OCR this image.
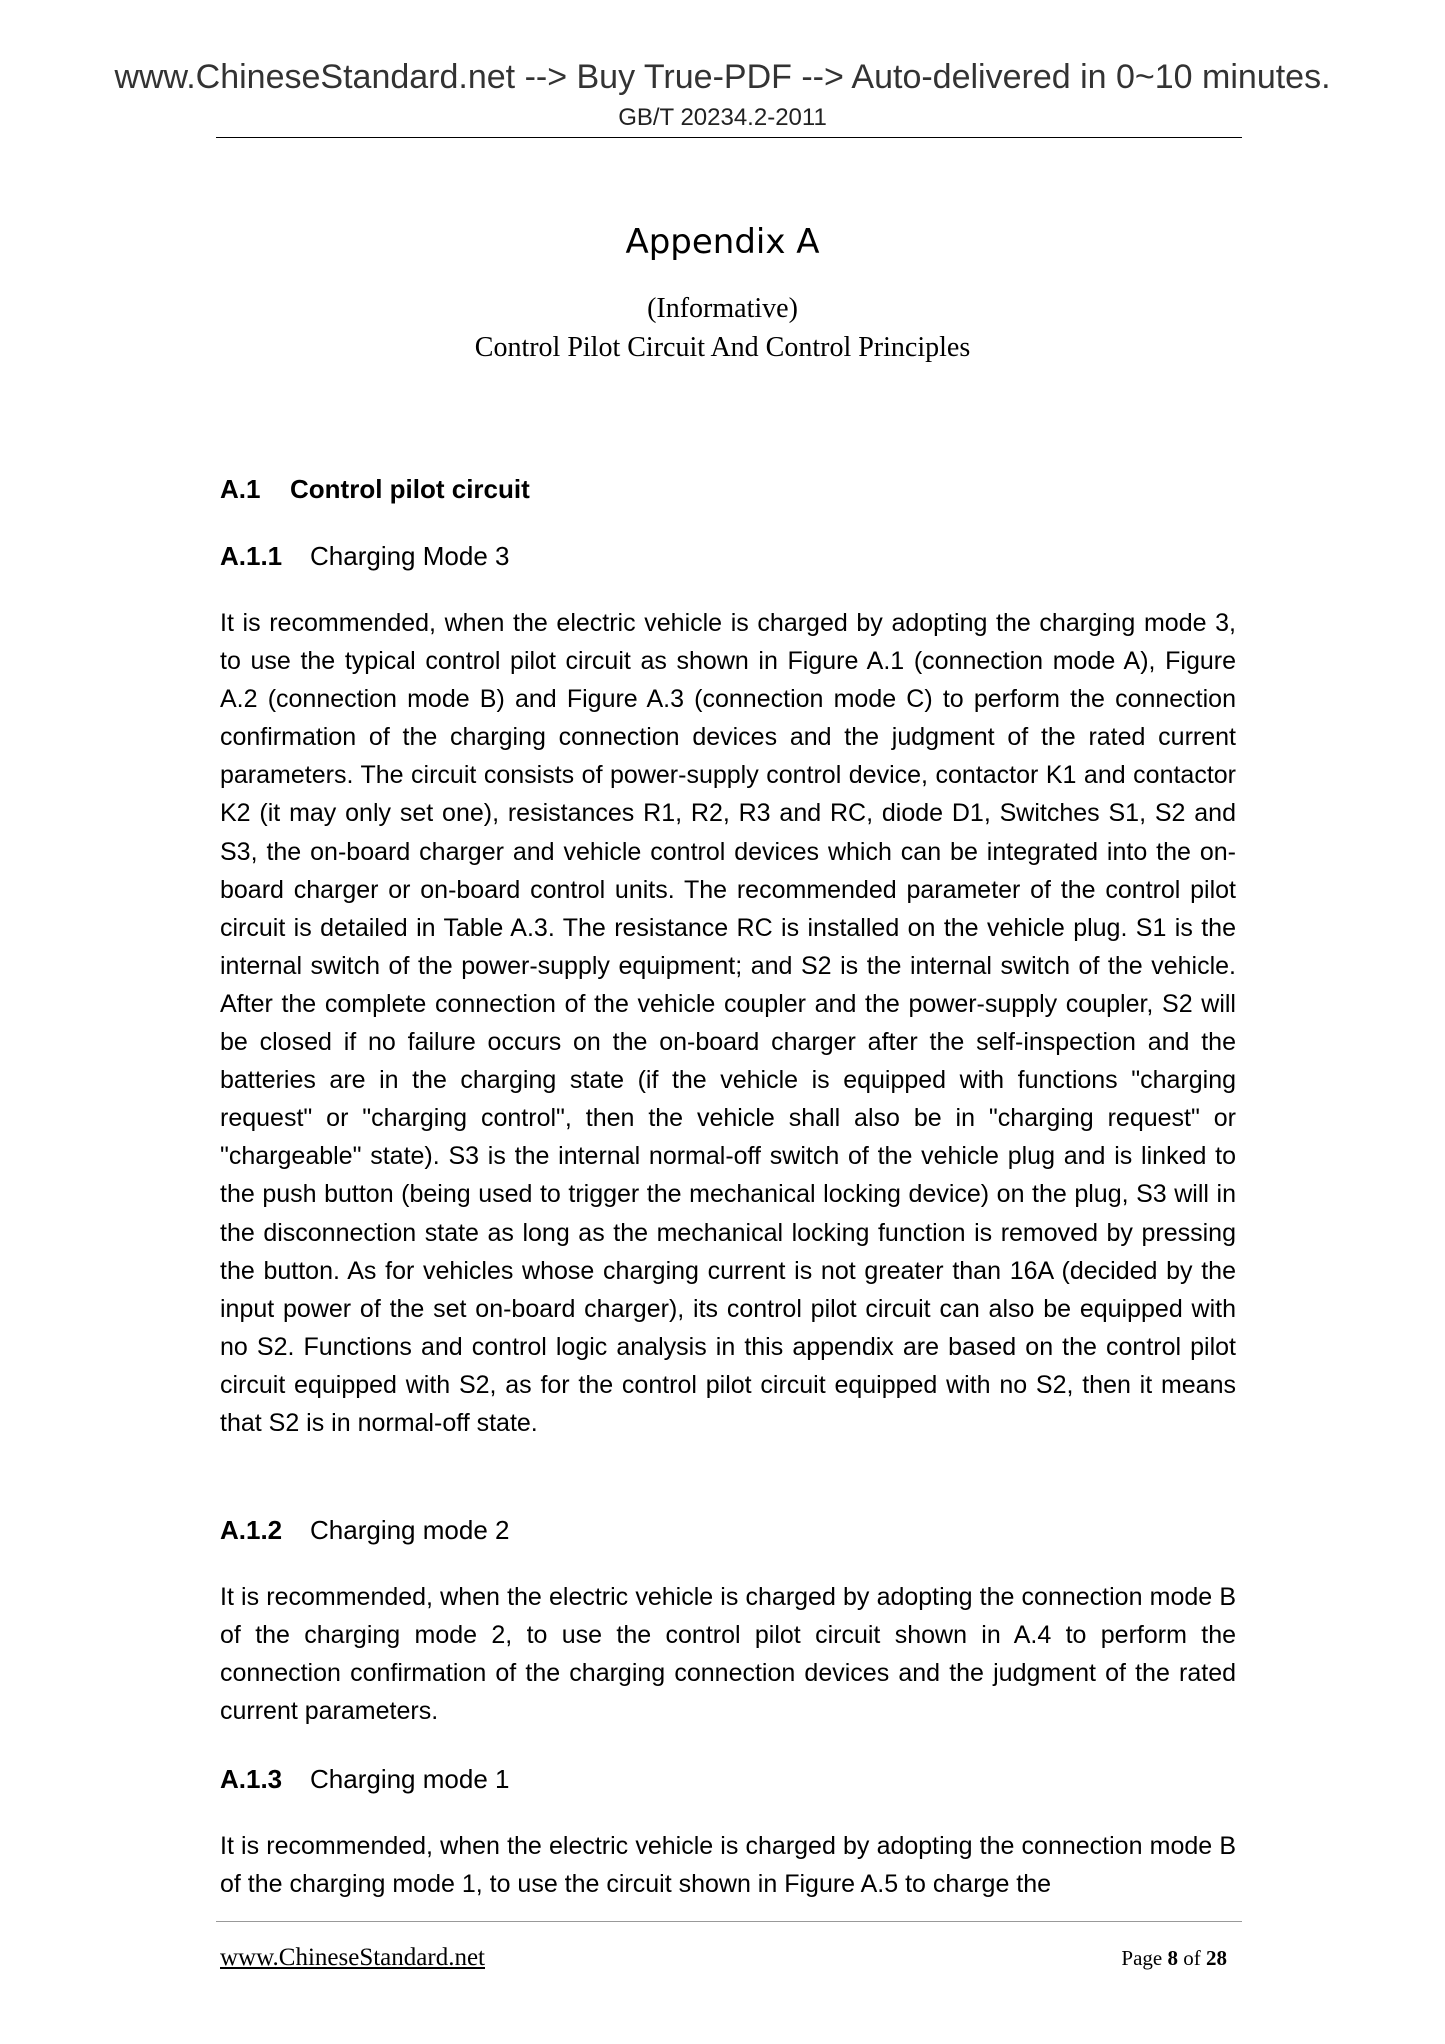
www.ChineseStandard.net --> Buy True-PDF --> Auto-delivered in 0~10 minutes.
GB/T 20234.2-2011
Appendix A
(Informative)
Control Pilot Circuit And Control Principles
A.1 Control pilot circuit
A.1.1 Charging Mode 3

It is recommended, when the electric vehicle is charged by adopting the charging mode 3, to use the typical control pilot circuit as shown in Figure A.1 (connection mode A), Figure A.2 (connection mode B) and Figure A.3 (connection mode C) to perform the connection confirmation of the charging connection devices and the judgment of the rated current parameters. The circuit consists of power-supply control device, contactor K1 and contactor K2 (it may only set one), resistances R1, R2, R3 and RC, diode D1, Switches S1, S2 and S3, the on-board charger and vehicle control devices which can be integrated into the on-board charger or on-board control units. The recommended parameter of the control pilot circuit is detailed in Table A.3. The resistance RC is installed on the vehicle plug. S1 is the internal switch of the power-supply equipment; and S2 is the internal switch of the vehicle. After the complete connection of the vehicle coupler and the power-supply coupler, S2 will be closed if no failure occurs on the on-board charger after the self-inspection and the batteries are in the charging state (if the vehicle is equipped with functions "charging request" or "charging control", then the vehicle shall also be in "charging request" or "chargeable" state). S3 is the internal normal-off switch of the vehicle plug and is linked to the push button (being used to trigger the mechanical locking device) on the plug, S3 will in the disconnection state as long as the mechanical locking function is removed by pressing the button. As for vehicles whose charging current is not greater than 16A (decided by the input power of the set on-board charger), its control pilot circuit can also be equipped with no S2. Functions and control logic analysis in this appendix are based on the control pilot circuit equipped with S2, as for the control pilot circuit equipped with no S2, then it means that S2 is in normal-off state.

A.1.2 Charging mode 2

It is recommended, when the electric vehicle is charged by adopting the connection mode B of the charging mode 2, to use the control pilot circuit shown in A.4 to perform the connection confirmation of the charging connection devices and the judgment of the rated current parameters.

A.1.3 Charging mode 1

It is recommended, when the electric vehicle is charged by adopting the connection mode B of the charging mode 1, to use the circuit shown in Figure A.5 to charge the

www.ChineseStandard.net	Page 8 of 28
